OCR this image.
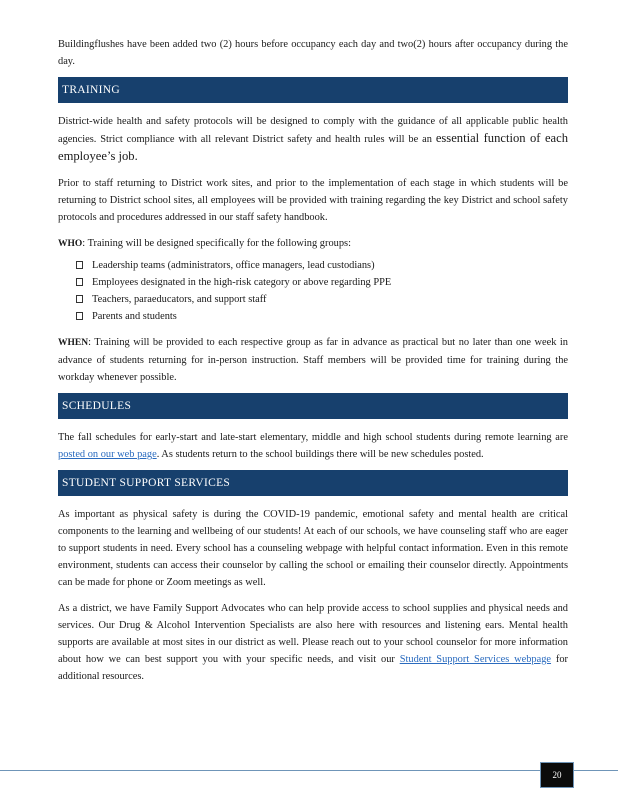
Buildingflushes have been added two (2) hours before occupancy each day and two(2) hours after occupancy during the day.

TRAINING

District-wide health and safety protocols will be designed to comply with the guidance of all applicable public health agencies. Strict compliance with all relevant District safety and health rules will be an essential function of each employee’s job.

Prior to staff returning to District work sites, and prior to the implementation of each stage in which students will be returning to District school sites, all employees will be provided with training regarding the key District and school safety protocols and procedures addressed in our staff safety handbook.

WHO: Training will be designed specifically for the following groups:

Leadership teams (administrators, office managers, lead custodians)
Employees designated in the high-risk category or above regarding PPE
Teachers, paraeducators, and support staff
Parents and students

WHEN: Training will be provided to each respective group as far in advance as practical but no later than one week in advance of students returning for in-person instruction. Staff members will be provided time for training during the workday whenever possible.

SCHEDULES

The fall schedules for early-start and late-start elementary, middle and high school students during remote learning are posted on our web page. As students return to the school buildings there will be new schedules posted.

STUDENT SUPPORT SERVICES

As important as physical safety is during the COVID-19 pandemic, emotional safety and mental health are critical components to the learning and wellbeing of our students! At each of our schools, we have counseling staff who are eager to support students in need. Every school has a counseling webpage with helpful contact information. Even in this remote environment, students can access their counselor by calling the school or emailing their counselor directly. Appointments can be made for phone or Zoom meetings as well.

As a district, we have Family Support Advocates who can help provide access to school supplies and physical needs and services. Our Drug & Alcohol Intervention Specialists are also here with resources and listening ears. Mental health supports are available at most sites in our district as well. Please reach out to your school counselor for more information about how we can best support you with your specific needs, and visit our Student Support Services webpage for additional resources.

20
